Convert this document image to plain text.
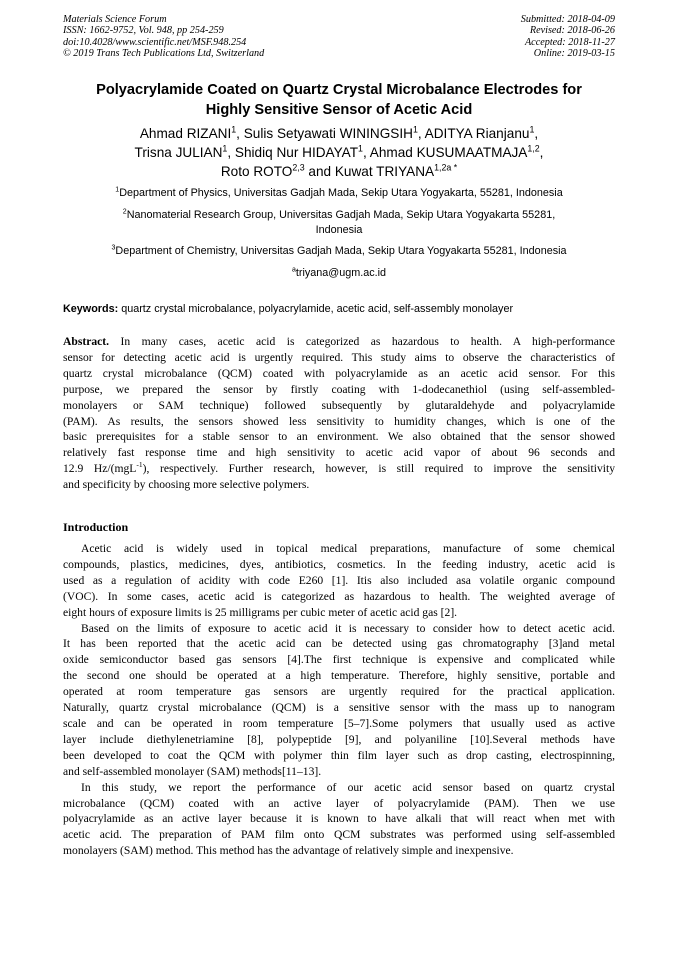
Materials Science Forum
ISSN: 1662-9752, Vol. 948, pp 254-259
doi:10.4028/www.scientific.net/MSF.948.254
© 2019 Trans Tech Publications Ltd, Switzerland
Submitted: 2018-04-09
Revised: 2018-06-26
Accepted: 2018-11-27
Online: 2019-03-15
Polyacrylamide Coated on Quartz Crystal Microbalance Electrodes for
Highly Sensitive Sensor of Acetic Acid
Ahmad RIZANI$^1$, Sulis Setyawati WININGSIH$^1$, ADITYA Rianjanu$^1$,
Trisna JULIAN$^1$, Shidiq Nur HIDAYAT$^1$, Ahmad KUSUMAATMAJA$^{1,2}$,
Roto ROTO$^{2,3}$ and Kuwat $TRIYANA^{1,2a *}$
$^1$Department of Physics, Universitas Gadjah Mada, Sekip Utara Yogyakarta, 55281, Indonesia
$^2$Nanomaterial Research Group, Universitas Gadjah Mada, Sekip Utara Yogyakarta 55281,
Indonesia
$^3$Department of Chemistry, Universitas Gadjah Mada, Sekip Utara Yogyakarta 55281, Indonesia
$^a$triyana@ugm.ac.id
Keywords: quartz crystal microbalance, polyacrylamide, acetic acid, self-assembly monolayer
Abstract. In many cases, acetic acid is categorized as hazardous to health. A high-performance
sensor for detecting acetic acid is urgently required. This study aims to observe the characteristics of
quartz crystal microbalance (QCM) coated with polyacrylamide as an acetic acid sensor. For this
purpose, we prepared the sensor by firstly coating with 1-dodecanethiol (using self-assembled-
monolayers or SAM technique) followed subsequently by glutaraldehyde and polyacrylamide
(PAM). As results, the sensors showed less sensitivity to humidity changes, which is one of the
basic prerequisites for a stable sensor to an environment. We also obtained that the sensor showed
relatively fast response time and high sensitivity to acetic acid vapor of about 96 seconds and
12.9 Hz/(mgL$^{-1}$), respectively. Further research, however, is still required to improve the sensitivity
and specificity by choosing more selective polymers.
Introduction
Acetic acid is widely used in topical medical preparations, manufacture of some chemical
compounds, plastics, medicines, dyes, antibiotics, cosmetics. In the feeding industry, acetic acid is
used as a regulation of acidity with code E260 [1]. Itis also included asa volatile organic compound
(VOC). In some cases, acetic acid is categorized as hazardous to health. The weighted average of
eight hours of exposure limits is 25 milligrams per cubic meter of acetic acid gas [2].
Based on the limits of exposure to acetic acid it is necessary to consider how to detect acetic acid.
It has been reported that the acetic acid can be detected using gas chromatography [3]and metal
oxide semiconductor based gas sensors [4].The first technique is expensive and complicated while
the second one should be operated at a high temperature. Therefore, highly sensitive, portable and
operated at room temperature gas sensors are urgently required for the practical application.
Naturally, quartz crystal microbalance (QCM) is a sensitive sensor with the mass up to nanogram
scale and can be operated in room temperature [5–7].Some polymers that usually used as active
layer include diethylenetriamine [8], polypeptide [9], and polyaniline [10].Several methods have
been developed to coat the QCM with polymer thin film layer such as drop casting, electrospinning,
and self-assembled monolayer (SAM) methods[11–13].
In this study, we report the performance of our acetic acid sensor based on quartz crystal
microbalance (QCM) coated with an active layer of polyacrylamide (PAM). Then we use
polyacrylamide as an active layer because it is known to have alkali that will react when met with
acetic acid. The preparation of PAM film onto QCM substrates was performed using self-assembled
monolayers (SAM) method. This method has the advantage of relatively simple and inexpensive.
